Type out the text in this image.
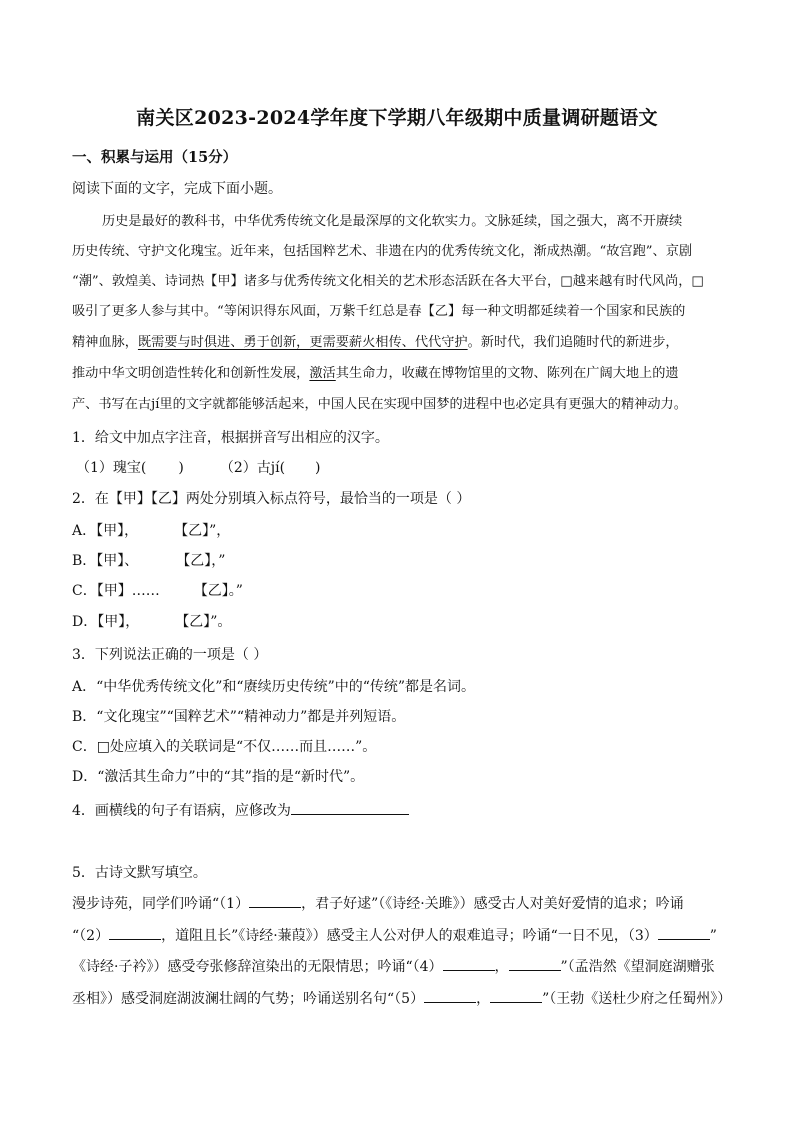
南关区2023-2024学年度下学期八年级期中质量调研题语文
一、积累与运用（15分）
阅读下面的文字，完成下面小题。
历史是最好的教科书，中华优秀传统文化是最深厚的文化软实力。文脉延续，国之强大，离不开赓续
历史传统、守护文化瑰宝。近年来，包括国粹艺术、非遗在内的优秀传统文化，渐成热潮。“故宫跑”、京剧
“潮”、敦煌美、诗词热【甲】诸多与优秀传统文化相关的艺术形态活跃在各大平台，□越来越有时代风尚，□
吸引了更多人参与其中。“等闲识得东风面，万紫千红总是春【乙】每一种文明都延续着一个国家和民族的
精神血脉，既需要与时俱进、勇于创新，更需要薪火相传、代代守护。新时代，我们追随时代的新进步，
推动中华文明创造性转化和创新性发展，激活其生命力，收藏在博物馆里的文物、陈列在广阔大地上的遗
产、书写在古jí里的文字就都能够活起来，中国人民在实现中国梦的进程中也必定具有更强大的精神动力。
1．给文中加点字注音，根据拼音写出相应的汉字。
（1）瑰宝( )	（2）古jí( )
2．在【甲】【乙】两处分别填入标点符号，最恰当的一项是（ ）
A．【甲】，	【乙】”，
B．【甲】、	【乙】，”
C．【甲】…… 【乙】。”
D．【甲】，	【乙】”。
3．下列说法正确的一项是（ ）
A．“中华优秀传统文化”和“赓续历史传统”中的“传统”都是名词。
B．“文化瑰宝”“国粹艺术”“精神动力”都是并列短语。
C．□处应填入的关联词是“不仅……而且……”。
D．“激活其生命力”中的“其”指的是“新时代”。
4．画横线的句子有语病，应修改为
5．古诗文默写填空。
漫步诗苑，同学们吟诵“（1）	，君子好逑”（《诗经·关雎》）感受古人对美好爱情的追求；吟诵
“（2）	，道阻且长”《诗经·蒹葭》）感受主人公对伊人的艰难追寻；吟诵“一日不见，（3）	”
《诗经·子衿》）感受夸张修辞渲染出的无限情思；吟诵“（4）	，	”（孟浩然《望洞庭湖赠张
丞相》）感受洞庭湖波澜壮阔的气势；吟诵送别名句“（5）	，	”（王勃《送杜少府之任蜀州》）
